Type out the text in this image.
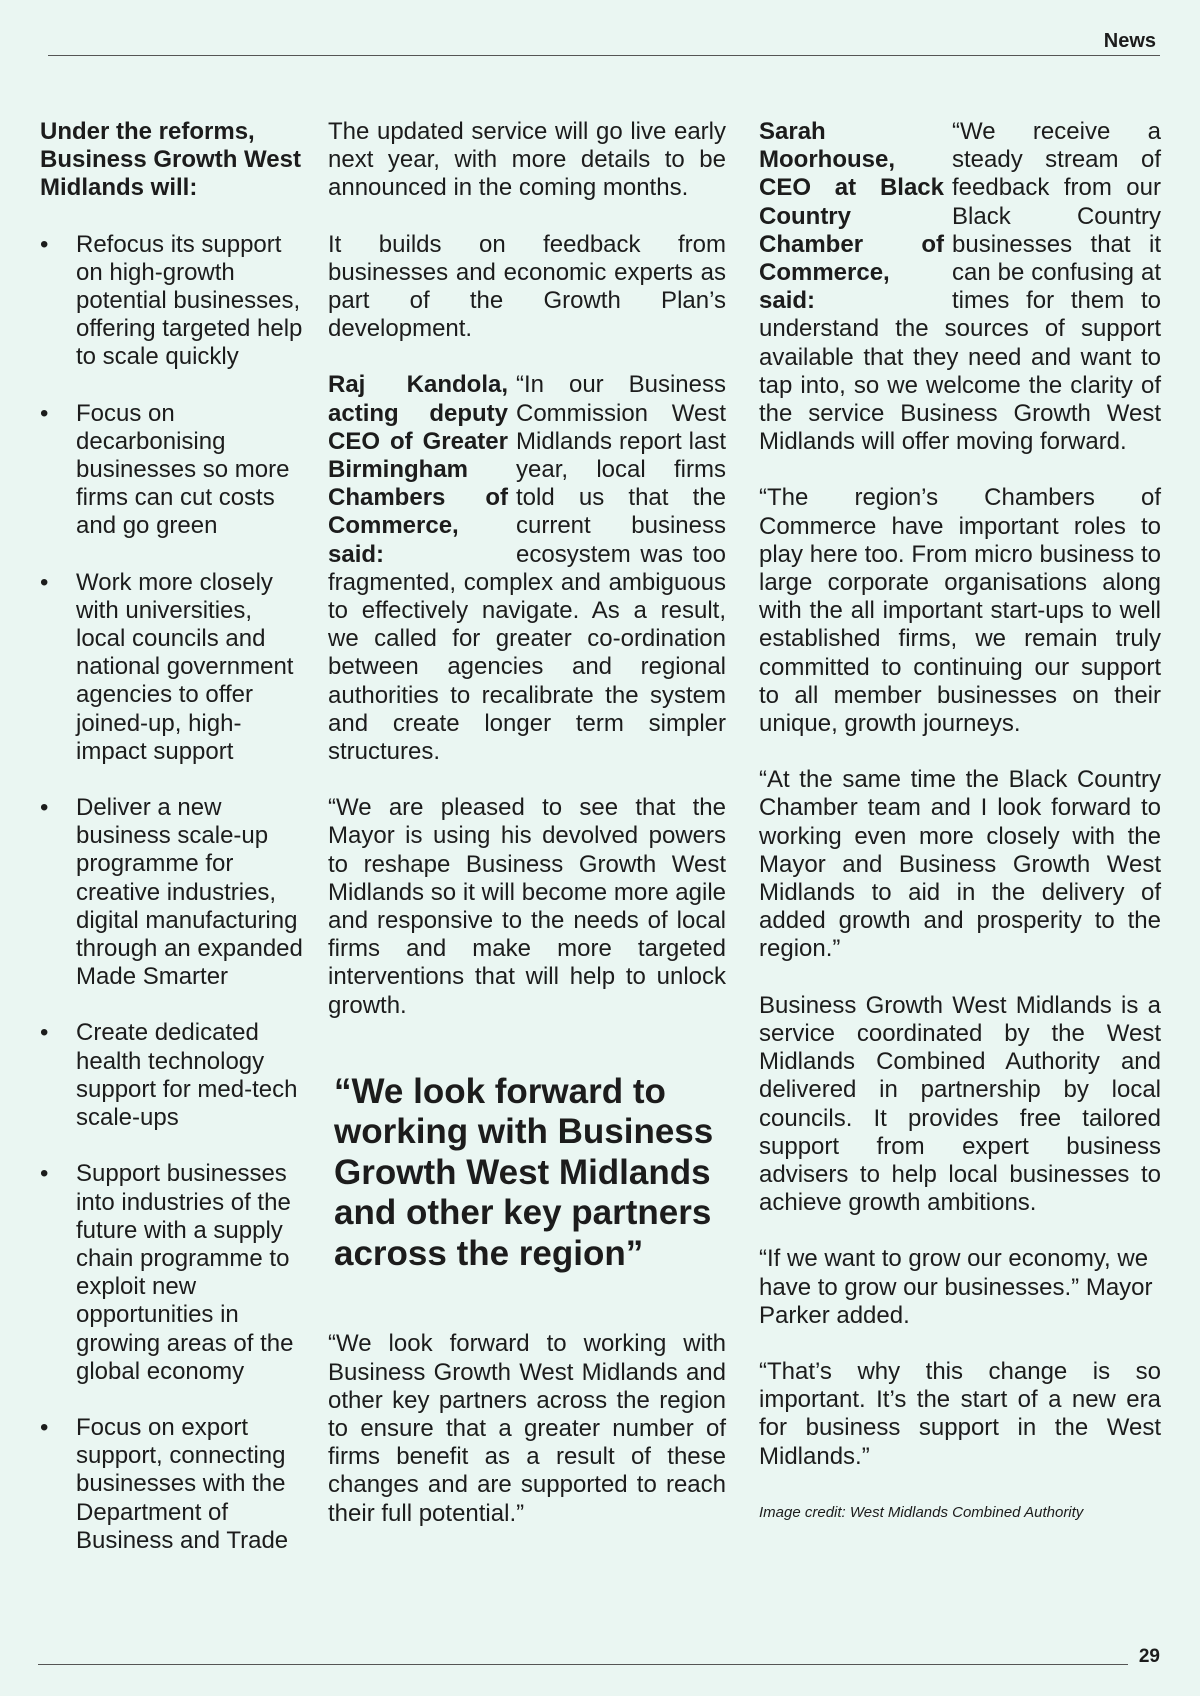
News

Under the reforms, Business Growth West Midlands will:

• Refocus its support on high-growth potential businesses, offering targeted help to scale quickly
• Focus on decarbonising businesses so more firms can cut costs and go green
• Work more closely with universities, local councils and national government agencies to offer joined-up, high-impact support
• Deliver a new business scale-up programme for creative industries, digital manufacturing through an expanded Made Smarter
• Create dedicated health technology support for med-tech scale-ups
• Support businesses into industries of the future with a supply chain programme to exploit new opportunities in growing areas of the global economy
• Focus on export support, connecting businesses with the Department of Business and Trade

The updated service will go live early next year, with more details to be announced in the coming months.

It builds on feedback from businesses and economic experts as part of the Growth Plan’s development.

Raj Kandola, acting deputy CEO of Greater Birmingham Chambers of Commerce, said:
“In our Business Commission West Midlands report last year, local firms told us that the current business ecosystem was too fragmented, complex and ambiguous to effectively navigate. As a result, we called for greater co-ordination between agencies and regional authorities to recalibrate the system and create longer term simpler structures.

“We are pleased to see that the Mayor is using his devolved powers to reshape Business Growth West Midlands so it will become more agile and responsive to the needs of local firms and make more targeted interventions that will help to unlock growth.

“We look forward to working with Business Growth West Midlands and other key partners across the region”

“We look forward to working with Business Growth West Midlands and other key partners across the region to ensure that a greater number of firms benefit as a result of these changes and are supported to reach their full potential.”

Sarah Moorhouse, CEO at Black Country Chamber of Commerce, said:
“We receive a steady stream of feedback from our Black Country businesses that it can be confusing at times for them to understand the sources of support available that they need and want to tap into, so we welcome the clarity of the service Business Growth West Midlands will offer moving forward.

“The region’s Chambers of Commerce have important roles to play here too. From micro business to large corporate organisations along with the all important start-ups to well established firms, we remain truly committed to continuing our support to all member businesses on their unique, growth journeys.

“At the same time the Black Country Chamber team and I look forward to working even more closely with the Mayor and Business Growth West Midlands to aid in the delivery of added growth and prosperity to the region.”

Business Growth West Midlands is a service coordinated by the West Midlands Combined Authority and delivered in partnership by local councils. It provides free tailored support from expert business advisers to help local businesses to achieve growth ambitions.

“If we want to grow our economy, we have to grow our businesses.” Mayor Parker added.

“That’s why this change is so important. It’s the start of a new era for business support in the West Midlands.”

Image credit: West Midlands Combined Authority
29
